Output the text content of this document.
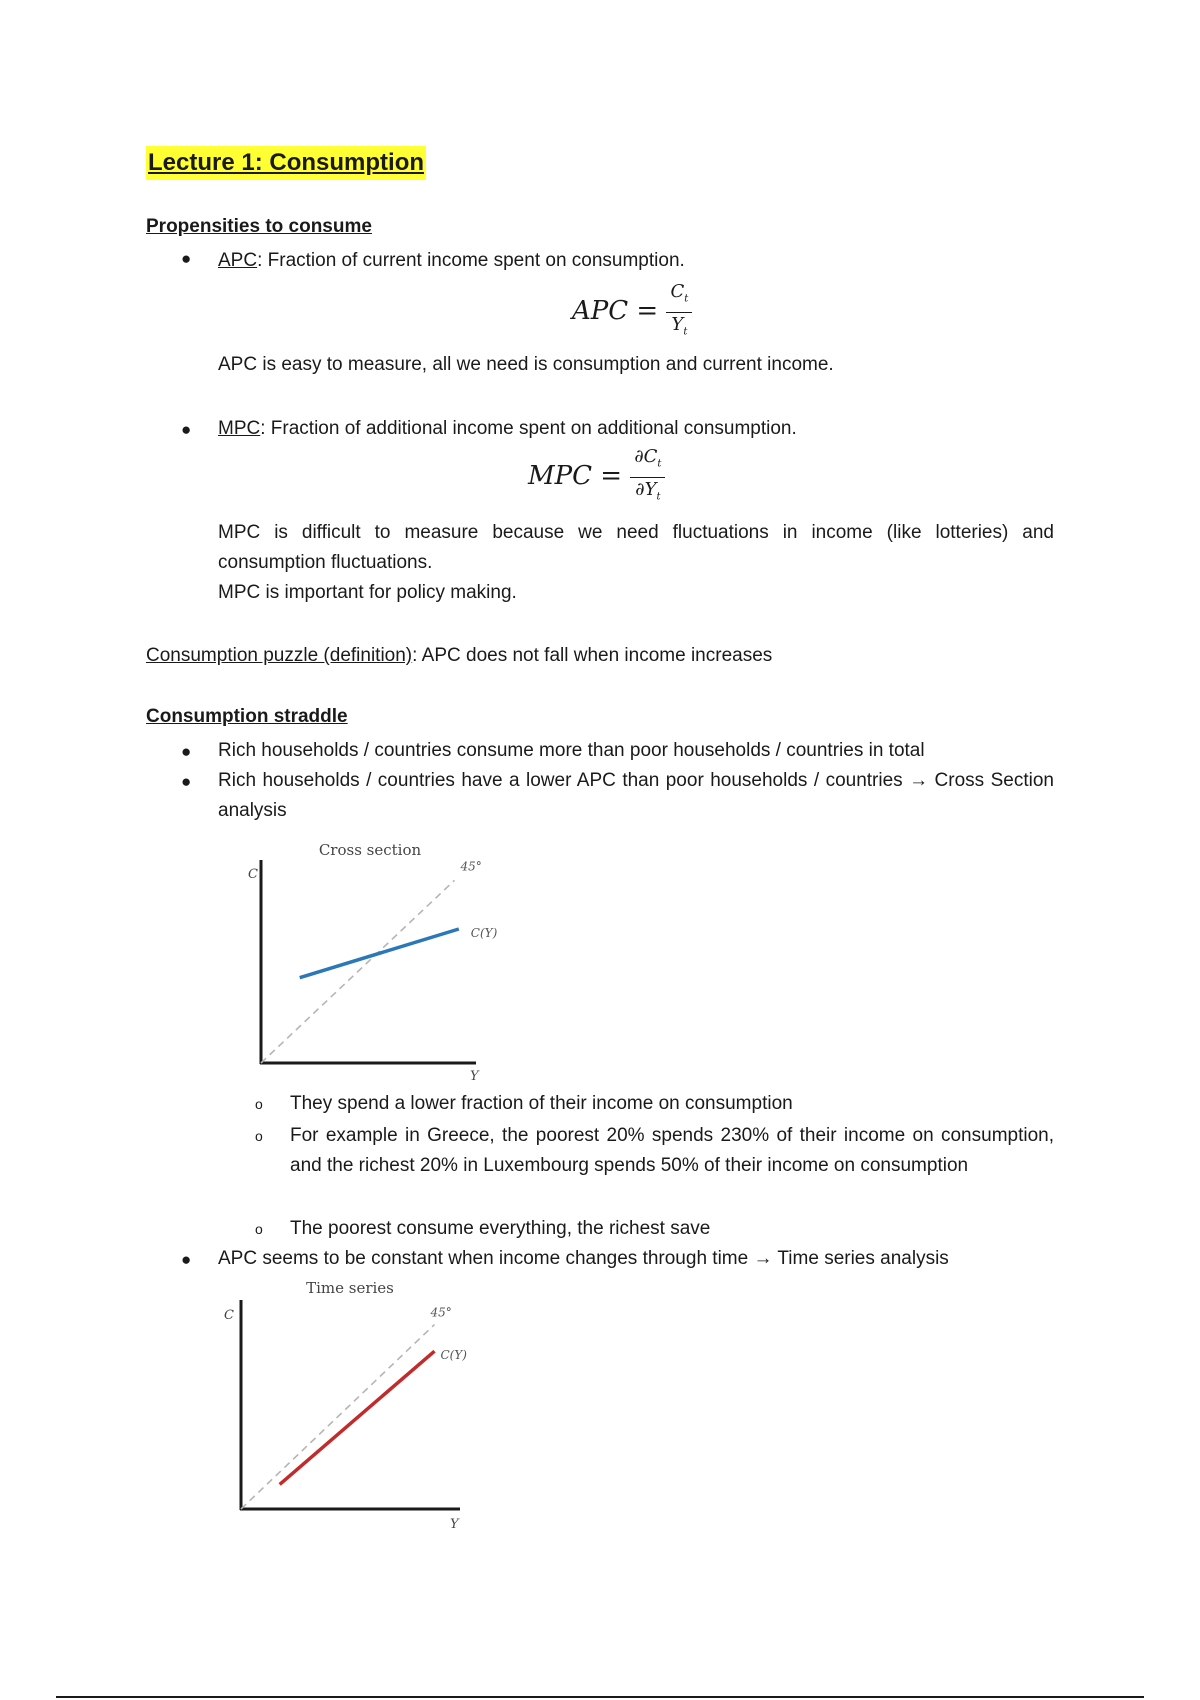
Lecture 1: Consumption
Propensities to consume
● APC: Fraction of current income spent on consumption.
APC = $\frac{C_t}{Y_t}$
APC is easy to measure, all we need is consumption and current income.
● MPC: Fraction of additional income spent on additional consumption.
MPC = $\frac{\partial C_t}{\partial Y_t}$
MPC is difficult to measure because we need fluctuations in income (like lotteries) and consumption fluctuations.
MPC is important for policy making.
Consumption puzzle (definition): APC does not fall when income increases
Consumption straddle
● Rich households / countries consume more than poor households / countries in total
● Rich households / countries have a lower APC than poor households / countries → Cross Section analysis
Cross section
C
Y
45°
C(Y)
o They spend a lower fraction of their income on consumption
o For example in Greece, the poorest 20% spends 230% of their income on consumption, and the richest 20% in Luxembourg spends 50% of their income on consumption
o The poorest consume everything, the richest save
● APC seems to be constant when income changes through time → Time series analysis
Time series
C
Y
45°
C(Y)
